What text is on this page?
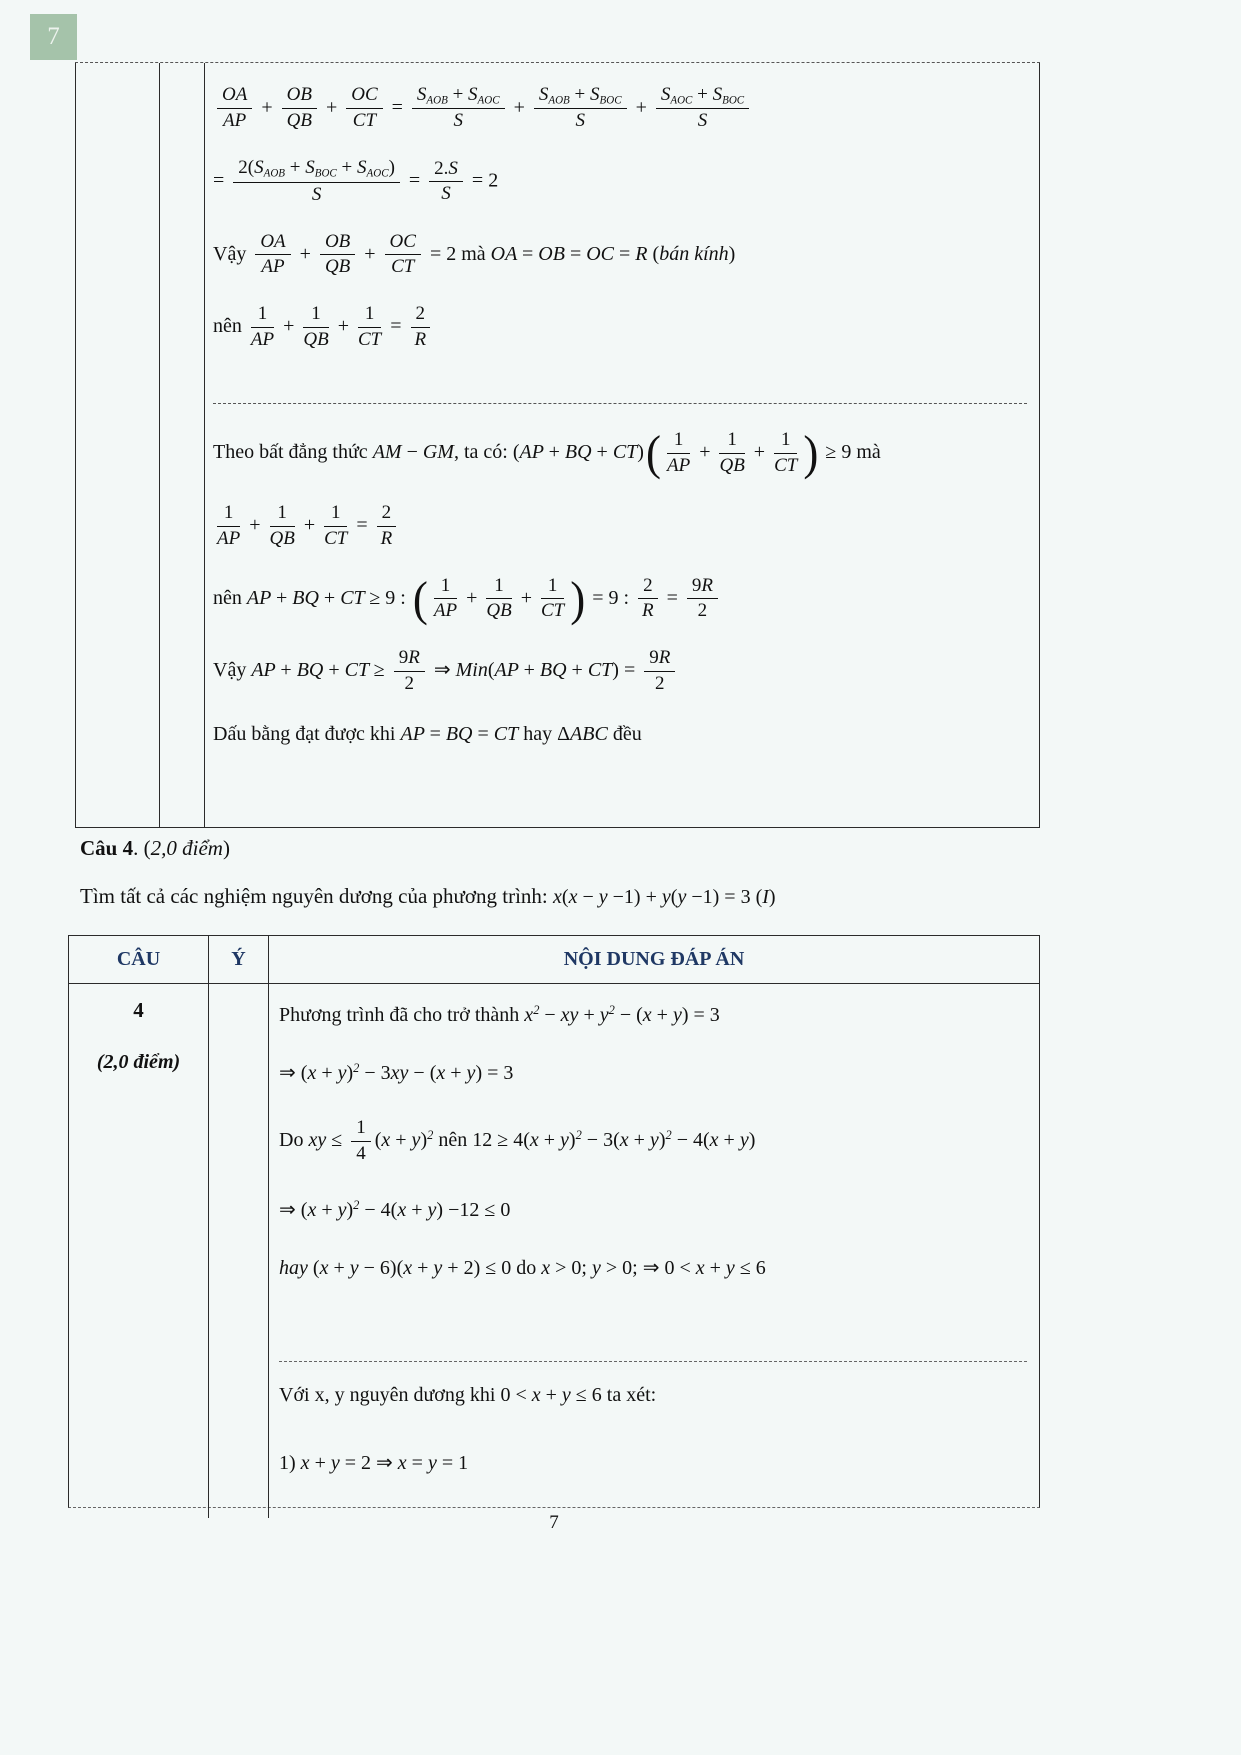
7
$\frac{OA}{AP} + \frac{OB}{QB} + \frac{OC}{CT} = \frac{S_{AOB} + S_{AOC}}{S} + \frac{S_{AOB} + S_{BOC}}{S} + \frac{S_{AOC} + S_{BOC}}{S}$
= $\frac{2(S_{AOB} + S_{BOC} + S_{AOC})}{S} = \frac{2.S}{S} = 2$
Vậy $\frac{OA}{AP} + \frac{OB}{QB} + \frac{OC}{CT} = 2$ mà OA = OB = OC = R (bán kính)
nên $\frac{1}{AP} + \frac{1}{QB} + \frac{1}{CT} = \frac{2}{R}$
Theo bất đẳng thức AM − GM, ta có: (AP + BQ + $CT)( \frac{1}{AP} + \frac{1}{QB} + \frac{1}{CT}$ ) ≥ 9 mà
$\frac{1}{AP} + \frac{1}{QB} + \frac{1}{CT} = \frac{2}{R}$
nên AP + BQ + CT ≥ 9 : ( $\frac{1}{AP} + \frac{1}{QB} + \frac{1}{CT}$ ) = 9 : $\frac{2}{R} = \frac{9R}{2}$
Vậy AP + BQ + CT ≥ $\frac{9R}{2}$ ⇒ Min(AP + BQ + $CT) = \frac{9R}{2}$
Dấu bằng đạt được khi AP = BQ = CT hay ΔABC đều
Câu 4. (2,0 điểm)
Tìm tất cả các nghiệm nguyên dương của phương trình: x(x − y −1) + y(y −1) = 3 (I)
CÂU	Ý	NỘI DUNG ĐÁP ÁN
4
(2,0 điểm)
Phương trình đã cho trở thành $x^2$ − xy + $y^2 - (x + y) = 3$
⇒ $(x + y)^2 - 3xy - (x + y) = 3$
Do xy ≤ $\frac{1}{4} (x + y)^2$ nên $12 \ge 4(x + y)^2 - 3(x + y)^2 - 4(x + y)$
⇒ $(x + y)^2 - 4(x + y) -12 \le 0$
hay (x + y − 6)(x + y + 2) ≤ 0 do x > 0; y > 0; ⇒ 0 < x + y ≤ 6
Với x, y nguyên dương khi 0 < x + y ≤ 6 ta xét:
1) x + y = 2 ⇒ x = y = 1
7
